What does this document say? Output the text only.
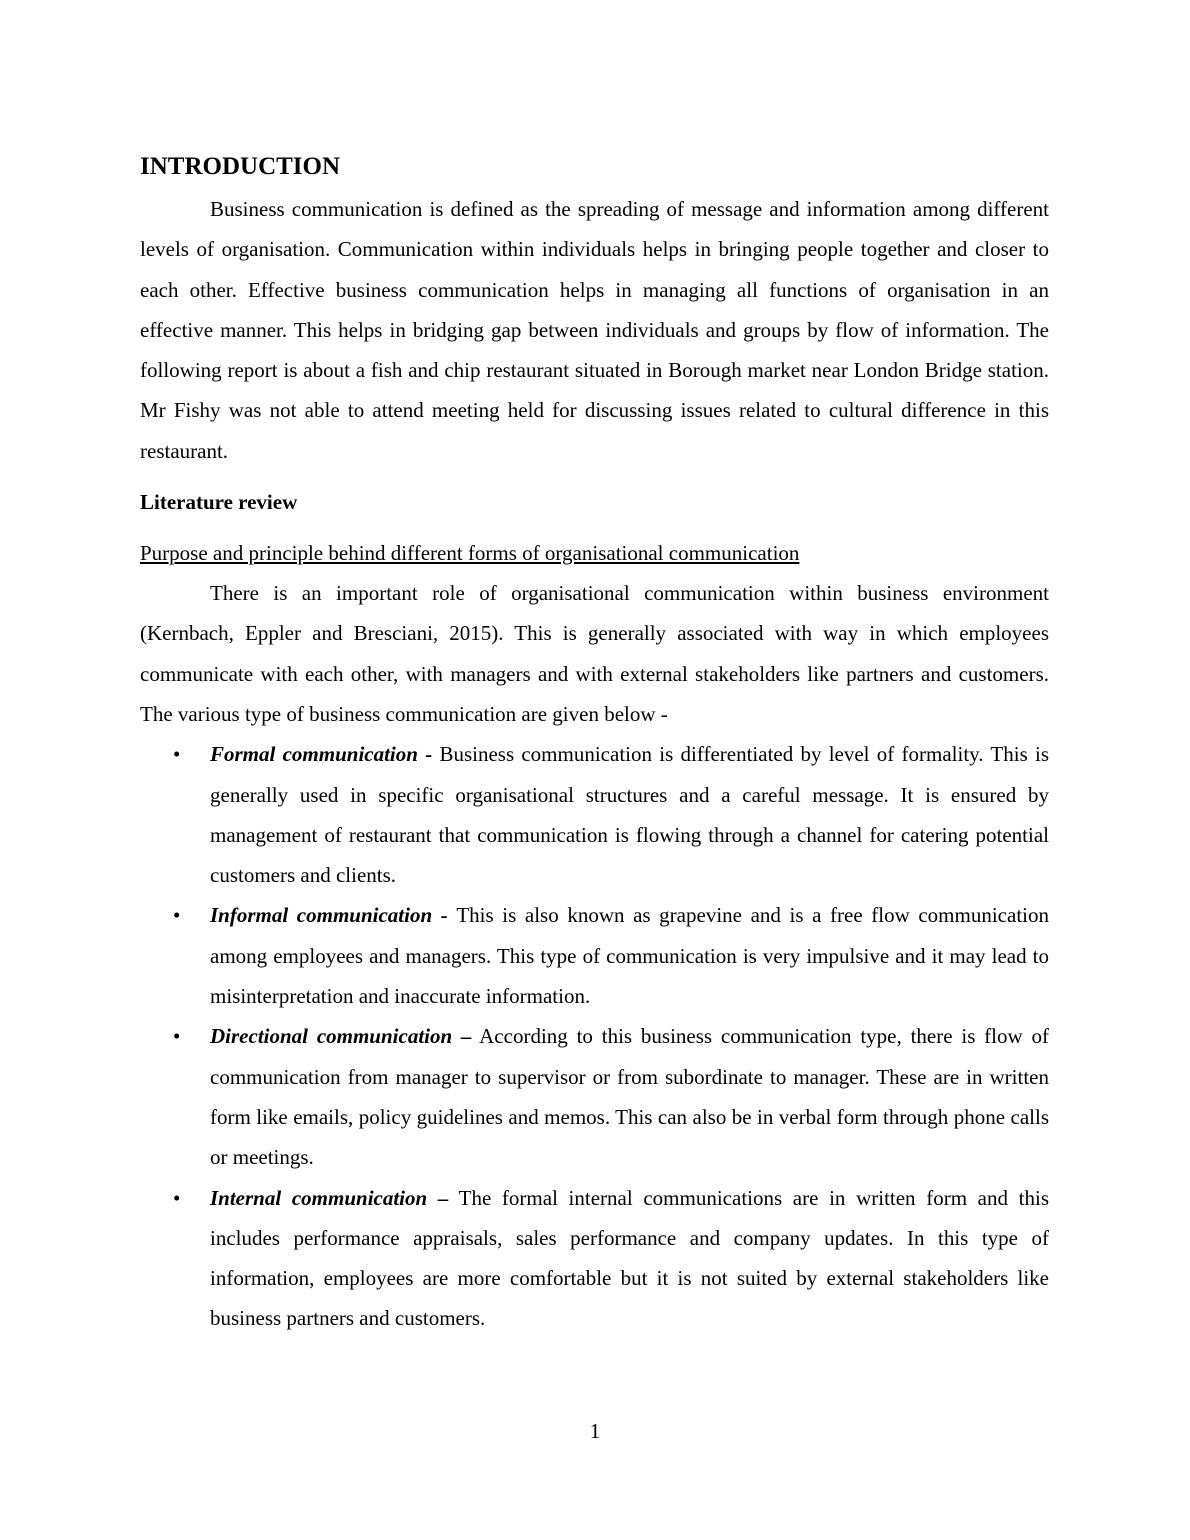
INTRODUCTION

Business communication is defined as the spreading of message and information among different levels of organisation. Communication within individuals helps in bringing people together and closer to each other. Effective business communication helps in managing all functions of organisation in an effective manner. This helps in bridging gap between individuals and groups by flow of information. The following report is about a fish and chip restaurant situated in Borough market near London Bridge station. Mr Fishy was not able to attend meeting held for discussing issues related to cultural difference in this restaurant.

Literature review

Purpose and principle behind different forms of organisational communication

There is an important role of organisational communication within business environment (Kernbach, Eppler and Bresciani, 2015). This is generally associated with way in which employees communicate with each other, with managers and with external stakeholders like partners and customers. The various type of business communication are given below -

• Formal communication - Business communication is differentiated by level of formality. This is generally used in specific organisational structures and a careful message. It is ensured by management of restaurant that communication is flowing through a channel for catering potential customers and clients.
• Informal communication - This is also known as grapevine and is a free flow communication among employees and managers. This type of communication is very impulsive and it may lead to misinterpretation and inaccurate information.
• Directional communication – According to this business communication type, there is flow of communication from manager to supervisor or from subordinate to manager. These are in written form like emails, policy guidelines and memos. This can also be in verbal form through phone calls or meetings.
• Internal communication – The formal internal communications are in written form and this includes performance appraisals, sales performance and company updates. In this type of information, employees are more comfortable but it is not suited by external stakeholders like business partners and customers.
1
